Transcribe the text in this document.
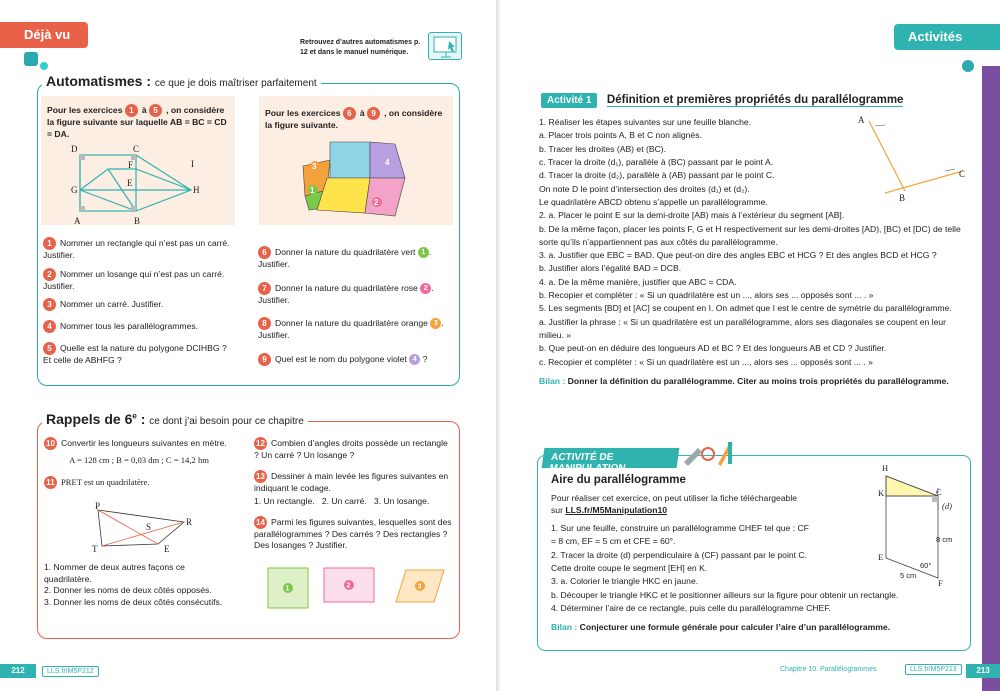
Déjà vu
Retrouvez d’autres automatismes p. 12 et dans le manuel numérique.
Automatismes : ce que je dois maîtriser parfaitement
Pour les exercices 1 à 5 , on considère la figure suivante sur laquelle AB = BC = CD = DA.
D	C
F	I
E
G	H
A	B
Pour les exercices 6 à 9 , on considère la figure suivante.
4
3
1
2

1 Nommer un rectangle qui n’est pas un carré. Justifier.

2 Nommer un losange qui n’est pas un carré. Justifier.

3 Nommer un carré. Justifier.

4 Nommer tous les parallélogrammes.

5 Quelle est la nature du polygone DCIHBG ? Et celle de ABHFG ?

6 Donner la nature du quadrilatère vert 1 . Justifier.

7 Donner la nature du quadrilatère rose 2 . Justifier.

8 Donner la nature du quadrilatère orange 3 . Justifier.

9 Quel est le nom du polygone violet 4 ?

Rappels de 6e : ce dont j’ai besoin pour ce chapitre

10 Convertir les longueurs suivantes en mètre.

A = 128 cm ; B = 0,03 dm ; C = 14,2 hm

11 PRET est un quadrilatère.

P
R
S
T	E

1. Nommer de deux autres façons ce quadrilatère.

2. Donner les noms de deux côtés opposés.

3. Donner les noms de deux côtés consécutifs.

12 Combien d’angles droits possède un rectangle ? Un carré ? Un losange ?

13 Dessiner à main levée les figures suivantes en indiquant le codage.

1. Un rectangle. 2. Un carré. 3. Un losange.

14 Parmi les figures suivantes, lesquelles sont des parallélogrammes ? Des carrés ? Des rectangles ? Des losanges ? Justifier.

1	2	3
212	LLS.fr/M5P212
Activités
Activité 1 Définition et premières propriétés du parallélogramme

1. Réaliser les étapes suivantes sur une feuille blanche.

a. Placer trois points A, B et C non alignés.

b. Tracer les droites (AB) et (BC).

c. Tracer la droite (d₁), parallèle à (BC) passant par le point A.

d. Tracer la droite (d₂), parallèle à (AB) passant par le point C.

On note D le point d’intersection des droites (d₁) et (d₂).

Le quadrilatère ABCD obtenu s’appelle un parallélogramme.

2. a. Placer le point E sur la demi-droite [AB) mais à l’extérieur du segment [AB].

b. De la même façon, placer les points F, G et H respectivement sur les demi-droites [AD), [BC) et [DC) de telle sorte qu’ils n’appartiennent pas aux côtés du parallélogramme.

3. a. Justifier que EBC = BAD. Que peut-on dire des angles EBC et HCG ? Et des angles BCD et HCG ?

b. Justifier alors l’égalité BAD = DCB.

4. a. De la même manière, justifier que ABC = CDA.

b. Recopier et compléter : « Si un quadrilatère est un ..., alors ses ... opposés sont ... . »

5. Les segments [BD] et [AC] se coupent en I. On admet que I est le centre de symétrie du parallélogramme.

a. Justifier la phrase : « Si un quadrilatère est un parallélogramme, alors ses diagonales se coupent en leur milieu. »

b. Que peut-on en déduire des longueurs AD et BC ? Et des longueurs AB et CD ? Justifier.

c. Recopier et compléter : « Si un quadrilatère est un ..., alors ses ... opposés sont ... . »

Bilan : Donner la définition du parallélogramme. Citer au moins trois propriétés du parallélogramme.

A
B
C
ACTIVITÉ DE MANIPULATION
Aire du parallélogramme
Pour réaliser cet exercice, on peut utiliser la fiche téléchargeable sur LLS.fr/M5Manipulation10

1. Sur une feuille, construire un parallélogramme CHEF tel que : CF = 8 cm, EF = 5 cm et CFE = 60°.

2. Tracer la droite (d) perpendiculaire à (CF) passant par le point C.

Cette droite coupe le segment [EH] en K.

3. a. Colorier le triangle HKC en jaune.

b. Découper le triangle HKC et le positionner ailleurs sur la figure pour obtenir un rectangle.

4. Déterminer l’aire de ce rectangle, puis celle du parallélogramme CHEF.

Bilan : Conjecturer une formule générale pour calculer l’aire d’un parallélogramme.

H
K	C
(d)
E
F
8 cm
5 cm
60°
Chapitre 10. Parallélogrammes	LLS.fr/M5P213	213
